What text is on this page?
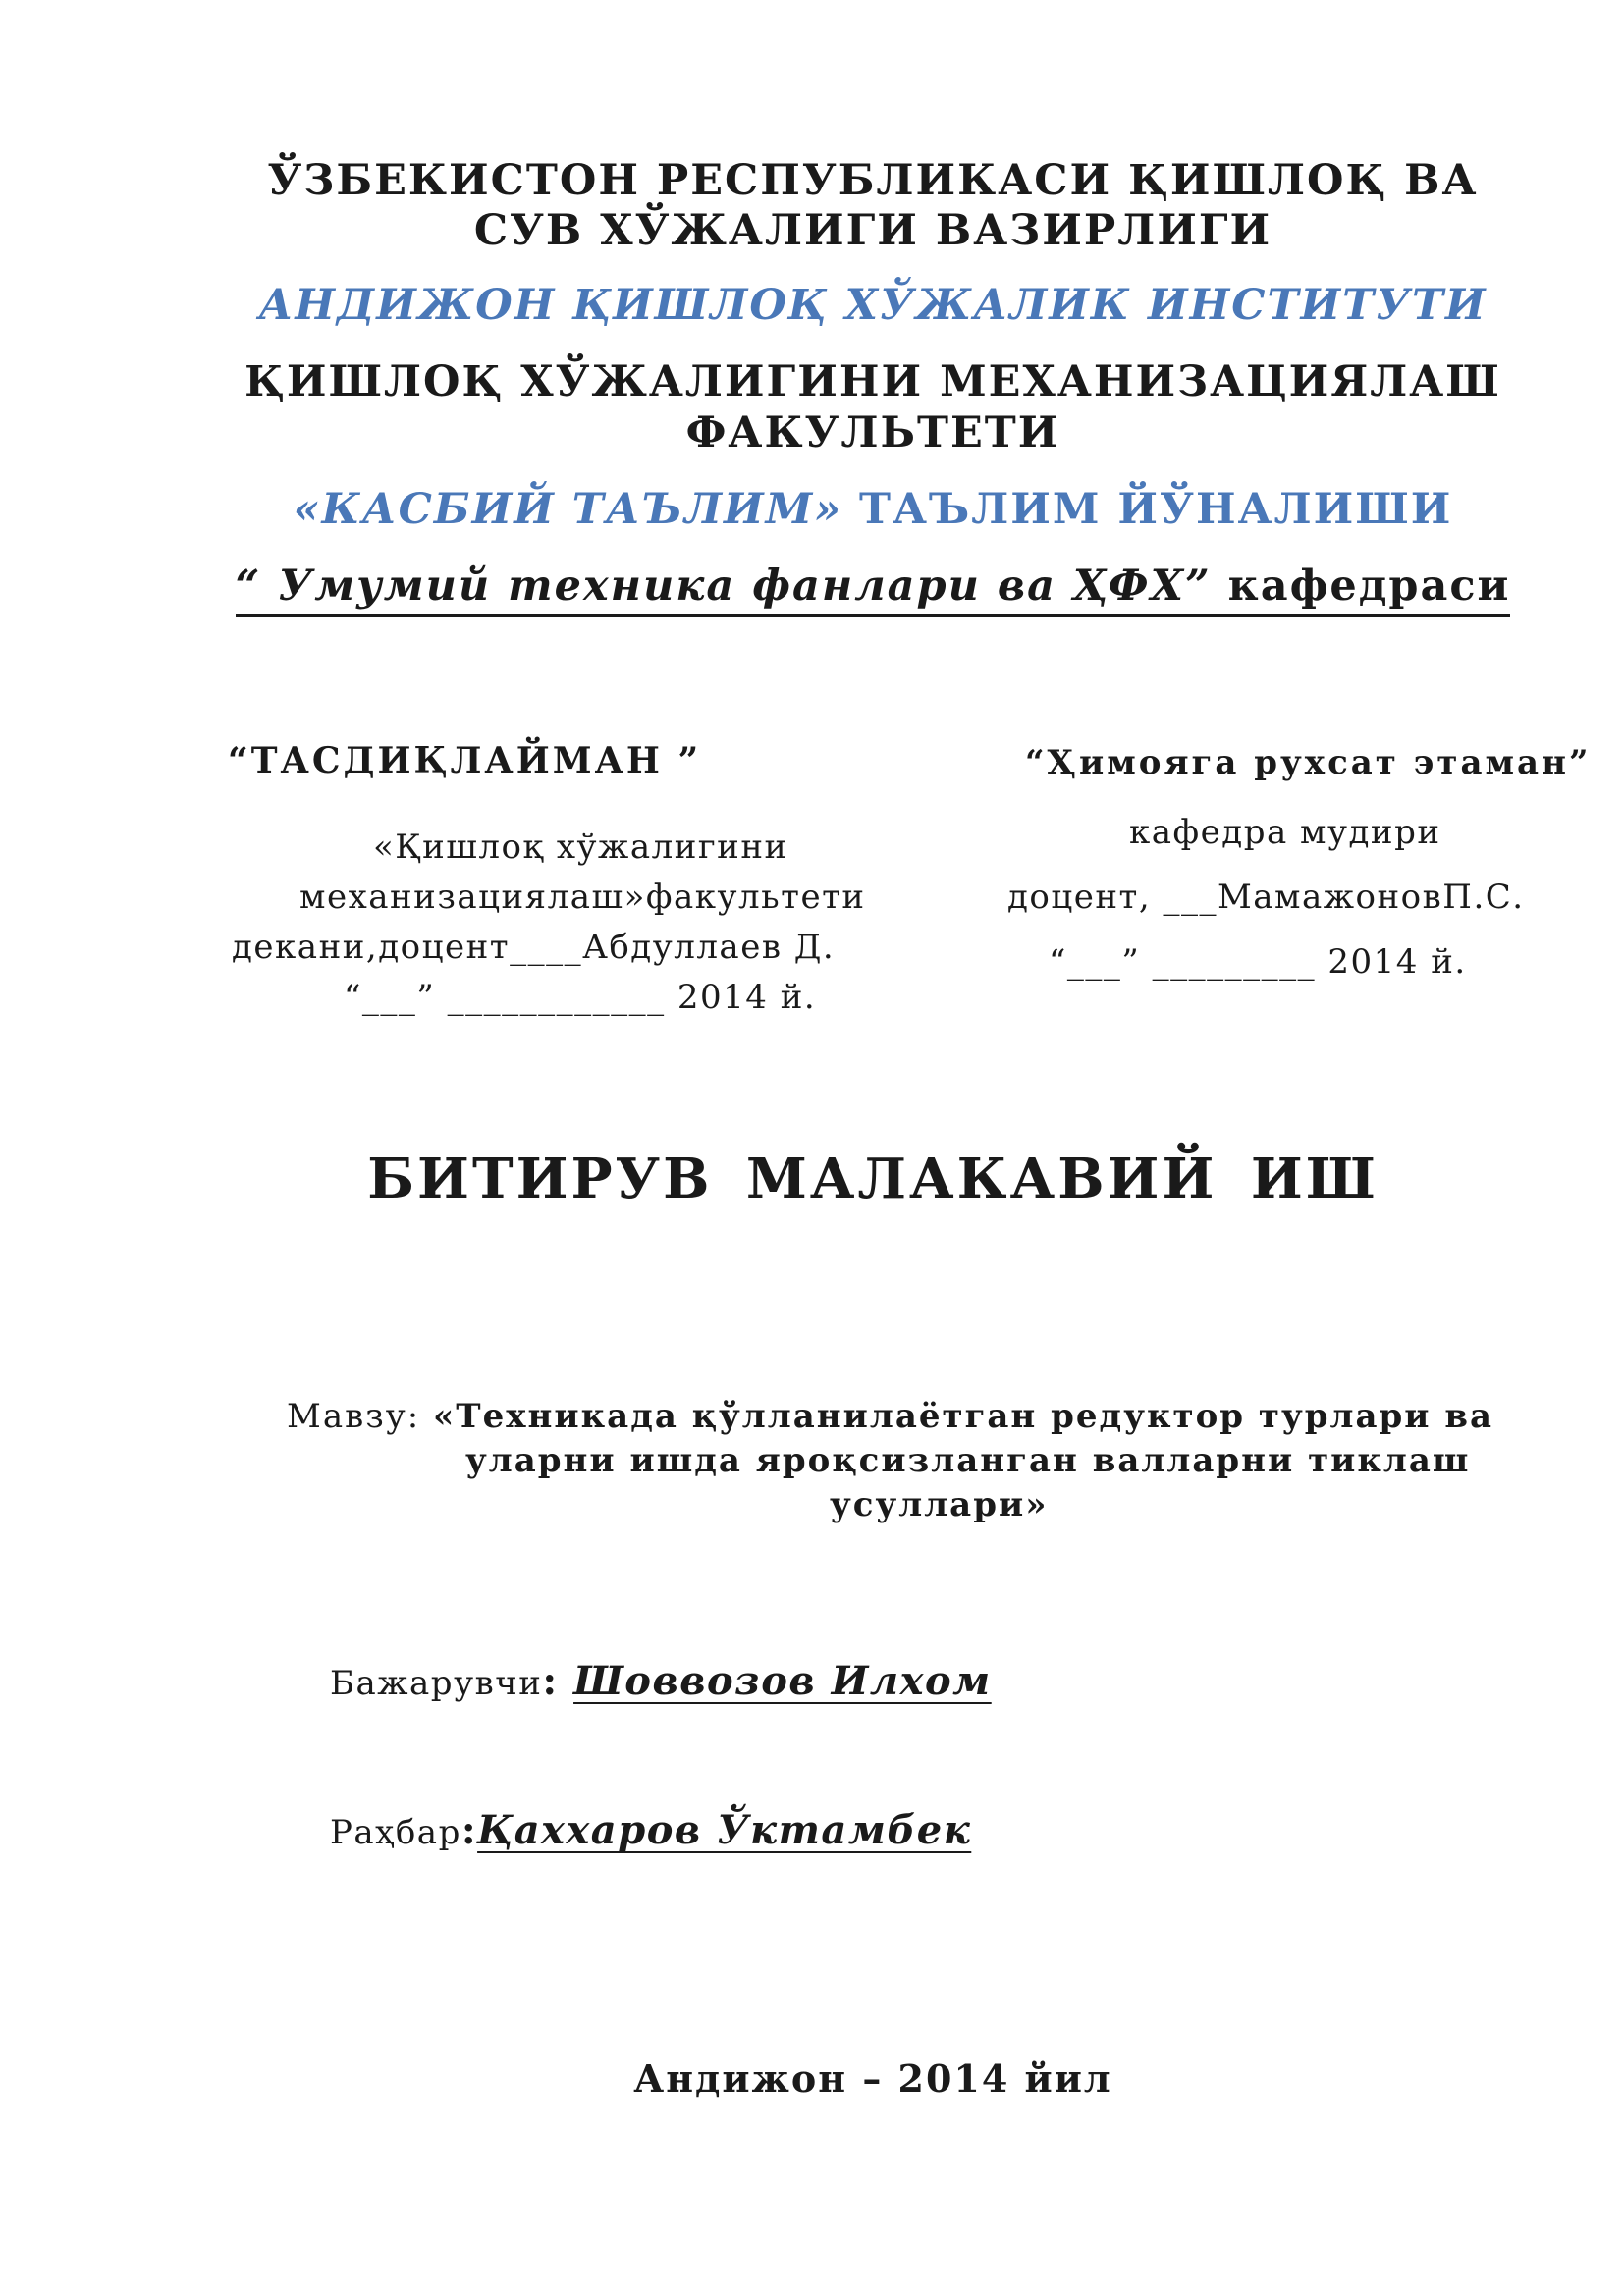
ЎЗБЕКИСТОН РЕСПУБЛИКАСИ ҚИШЛОҚ ВА
СУВ ХЎЖАЛИГИ ВАЗИРЛИГИ
АНДИЖОН ҚИШЛОҚ ХЎЖАЛИК ИНСТИТУТИ
ҚИШЛОҚ ХЎЖАЛИГИНИ МЕХАНИЗАЦИЯЛАШ
ФАКУЛЬТЕТИ
«КАСБИЙ ТАЪЛИМ» ТАЪЛИМ ЙЎНАЛИШИ
“ Умумий техника фанлари ва ҲФХ” кафедраси
“ТАСДИҚЛАЙМАН ”
«Қишлоқ хўжалигини
механизациялаш»факультети
декани,доцент____Абдуллаев Д.
“___” ____________ 2014 й.
“Ҳимояга рухсат этаман”
кафедра мудири
доцент, ___МамажоновП.С.
“___” _________ 2014 й.
БИТИРУВ МАЛАКАВИЙ ИШ
Мавзу: «Техникада қўлланилаётган редуктор турлари ва
уларни ишда яроқсизланган валларни тиклаш
усуллари»
Бажарувчи: Шоввозов Илхом
Раҳбар:Қаххаров Ўктамбек
Андижон – 2014 йил
